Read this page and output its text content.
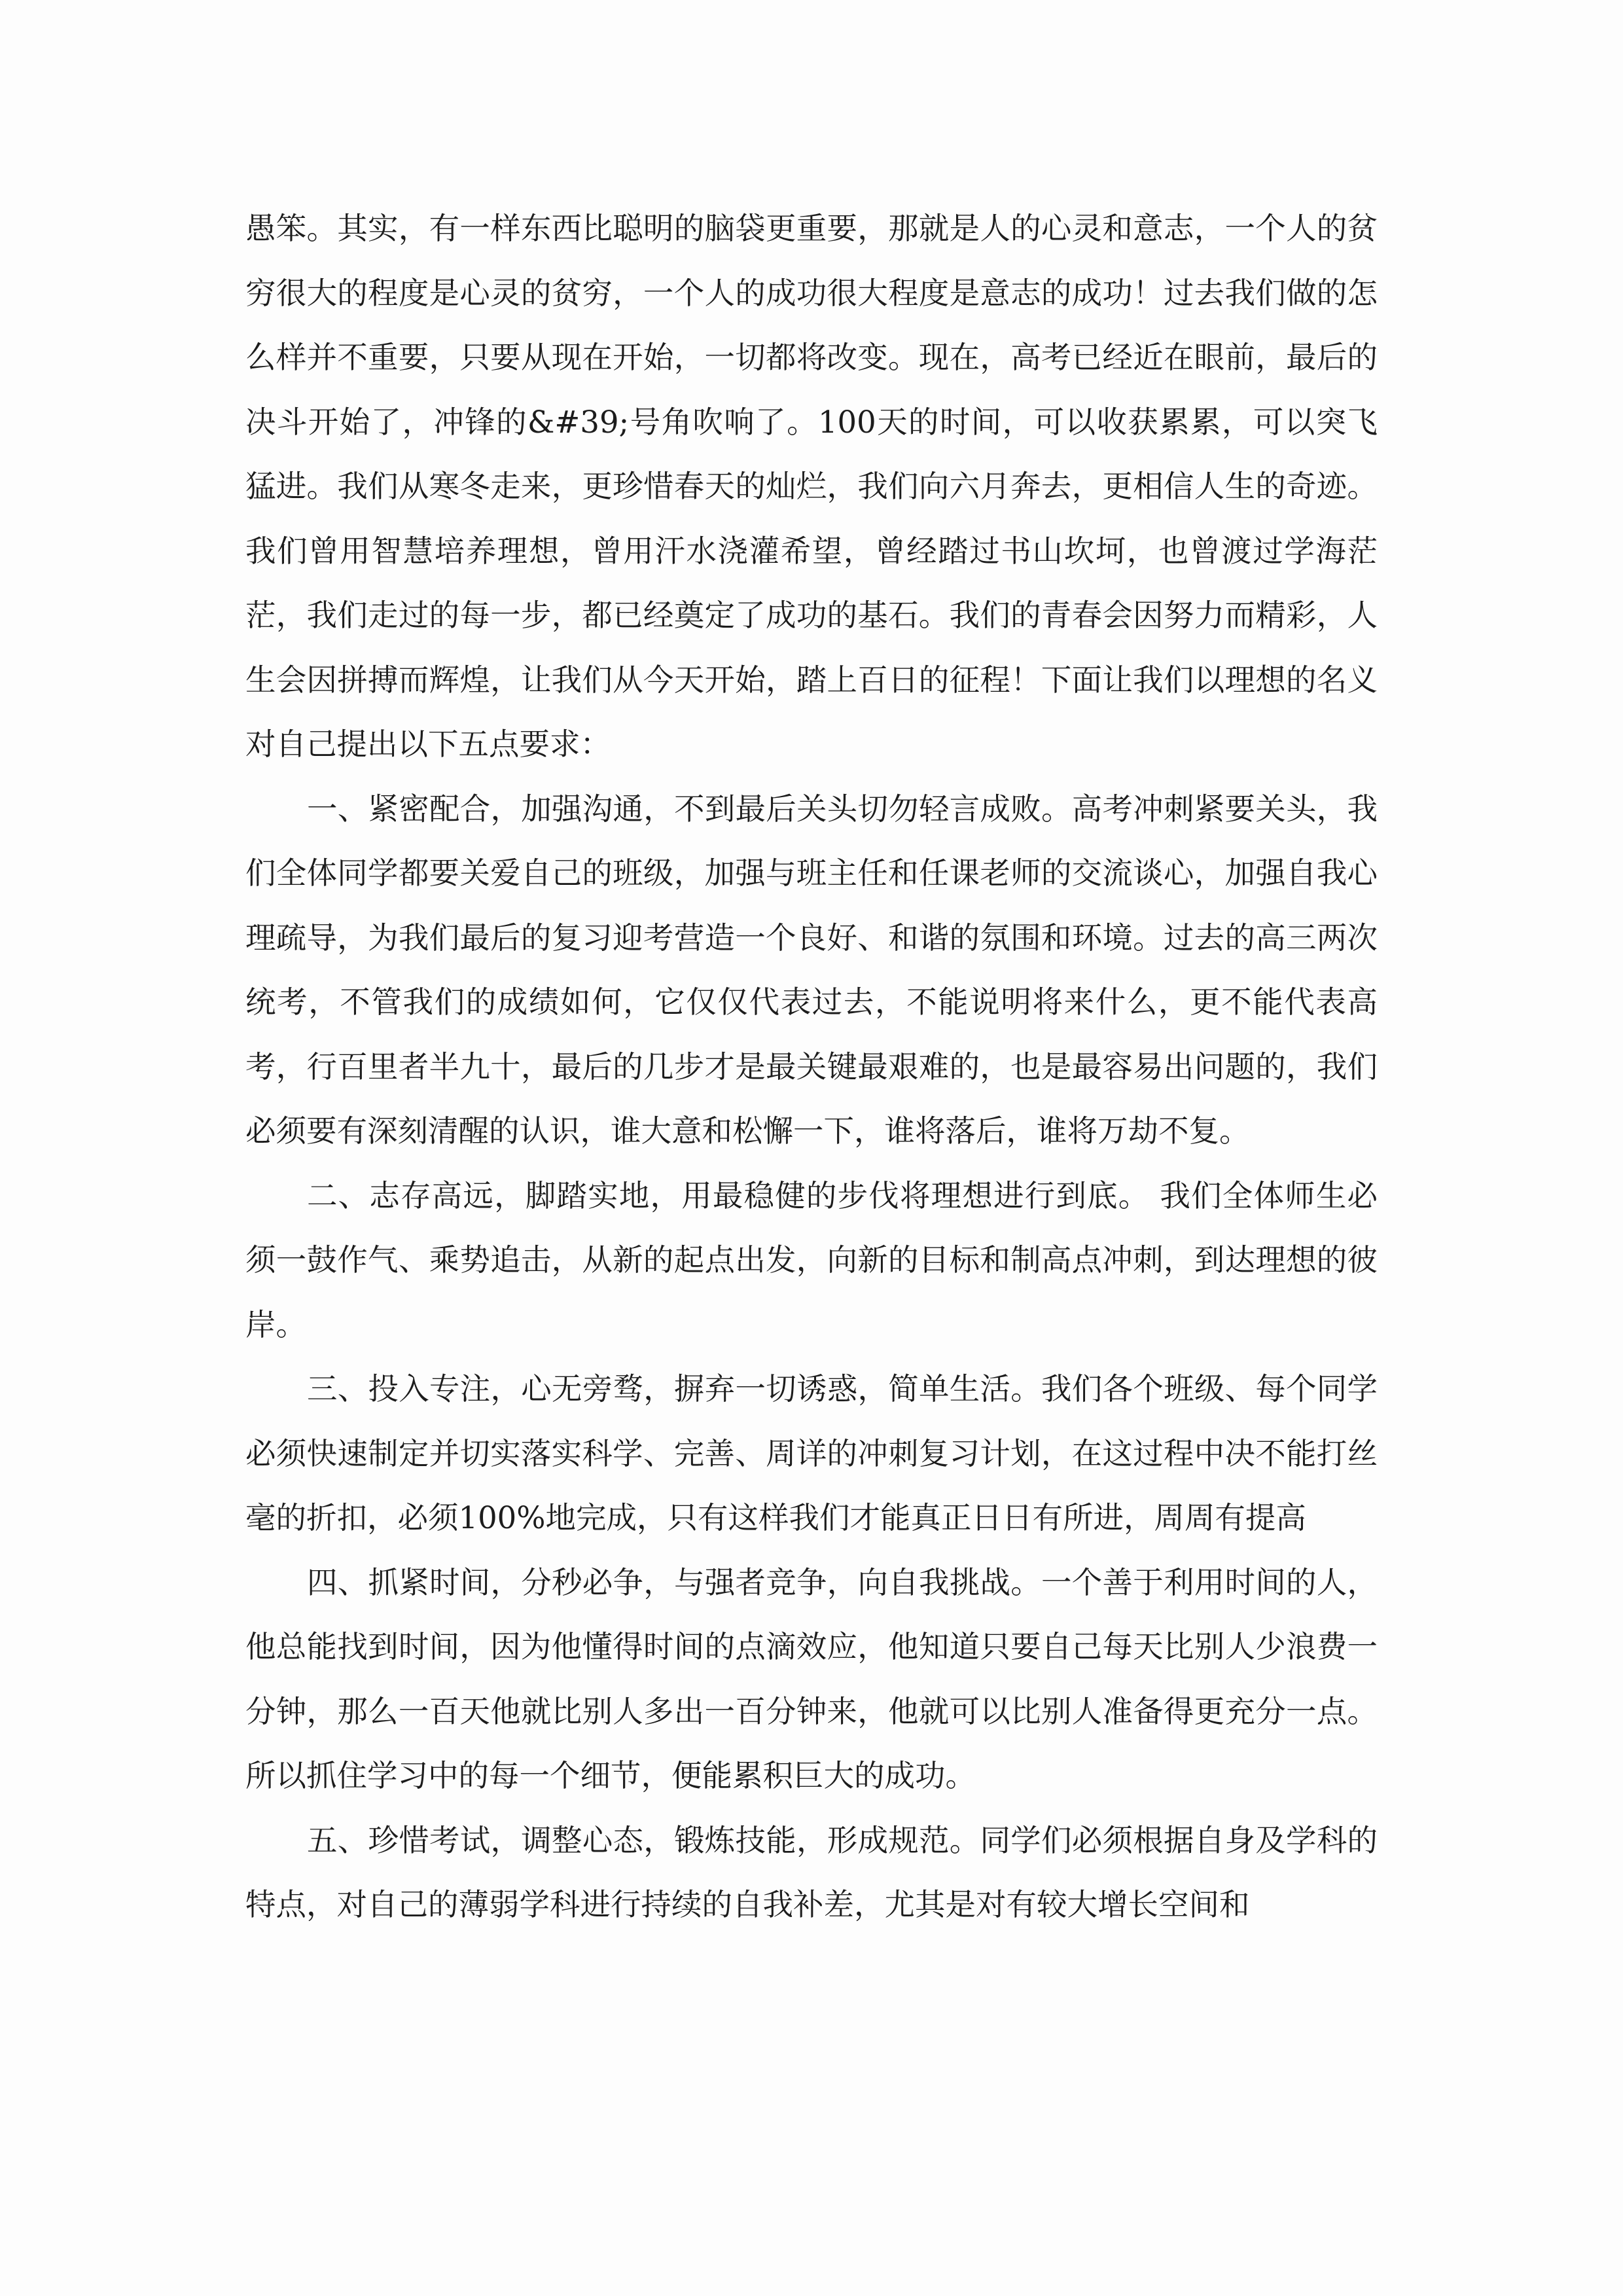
愚笨。其实，有一样东西比聪明的脑袋更重要，那就是人的心灵和意志，一个人的贫穷很大的程度是心灵的贫穷，一个人的成功很大程度是意志的成功！过去我们做的怎么样并不重要，只要从现在开始，一切都将改变。现在，高考已经近在眼前，最后的决斗开始了，冲锋的&#39;号角吹响了。100天的时间，可以收获累累，可以突飞猛进。我们从寒冬走来，更珍惜春天的灿烂，我们向六月奔去，更相信人生的奇迹。我们曾用智慧培养理想，曾用汗水浇灌希望，曾经踏过书山坎坷，也曾渡过学海茫茫，我们走过的每一步，都已经奠定了成功的基石。我们的青春会因努力而精彩，人生会因拼搏而辉煌，让我们从今天开始，踏上百日的征程！下面让我们以理想的名义对自己提出以下五点要求：

一、紧密配合，加强沟通，不到最后关头切勿轻言成败。高考冲刺紧要关头，我们全体同学都要关爱自己的班级，加强与班主任和任课老师的交流谈心，加强自我心理疏导，为我们最后的复习迎考营造一个良好、和谐的氛围和环境。过去的高三两次统考，不管我们的成绩如何，它仅仅代表过去，不能说明将来什么，更不能代表高考，行百里者半九十，最后的几步才是最关键最艰难的，也是最容易出问题的，我们必须要有深刻清醒的认识，谁大意和松懈一下，谁将落后，谁将万劫不复。

二、志存高远，脚踏实地，用最稳健的步伐将理想进行到底。 我们全体师生必须一鼓作气、乘势追击，从新的起点出发，向新的目标和制高点冲刺，到达理想的彼岸。

三、投入专注，心无旁骛，摒弃一切诱惑，简单生活。我们各个班级、每个同学必须快速制定并切实落实科学、完善、周详的冲刺复习计划，在这过程中决不能打丝毫的折扣，必须100%地完成，只有这样我们才能真正日日有所进，周周有提高

四、抓紧时间，分秒必争，与强者竞争，向自我挑战。一个善于利用时间的人，他总能找到时间，因为他懂得时间的点滴效应，他知道只要自己每天比别人少浪费一分钟，那么一百天他就比别人多出一百分钟来，他就可以比别人准备得更充分一点。所以抓住学习中的每一个细节，便能累积巨大的成功。

五、珍惜考试，调整心态，锻炼技能，形成规范。同学们必须根据自身及学科的特点，对自己的薄弱学科进行持续的自我补差，尤其是对有较大增长空间和
